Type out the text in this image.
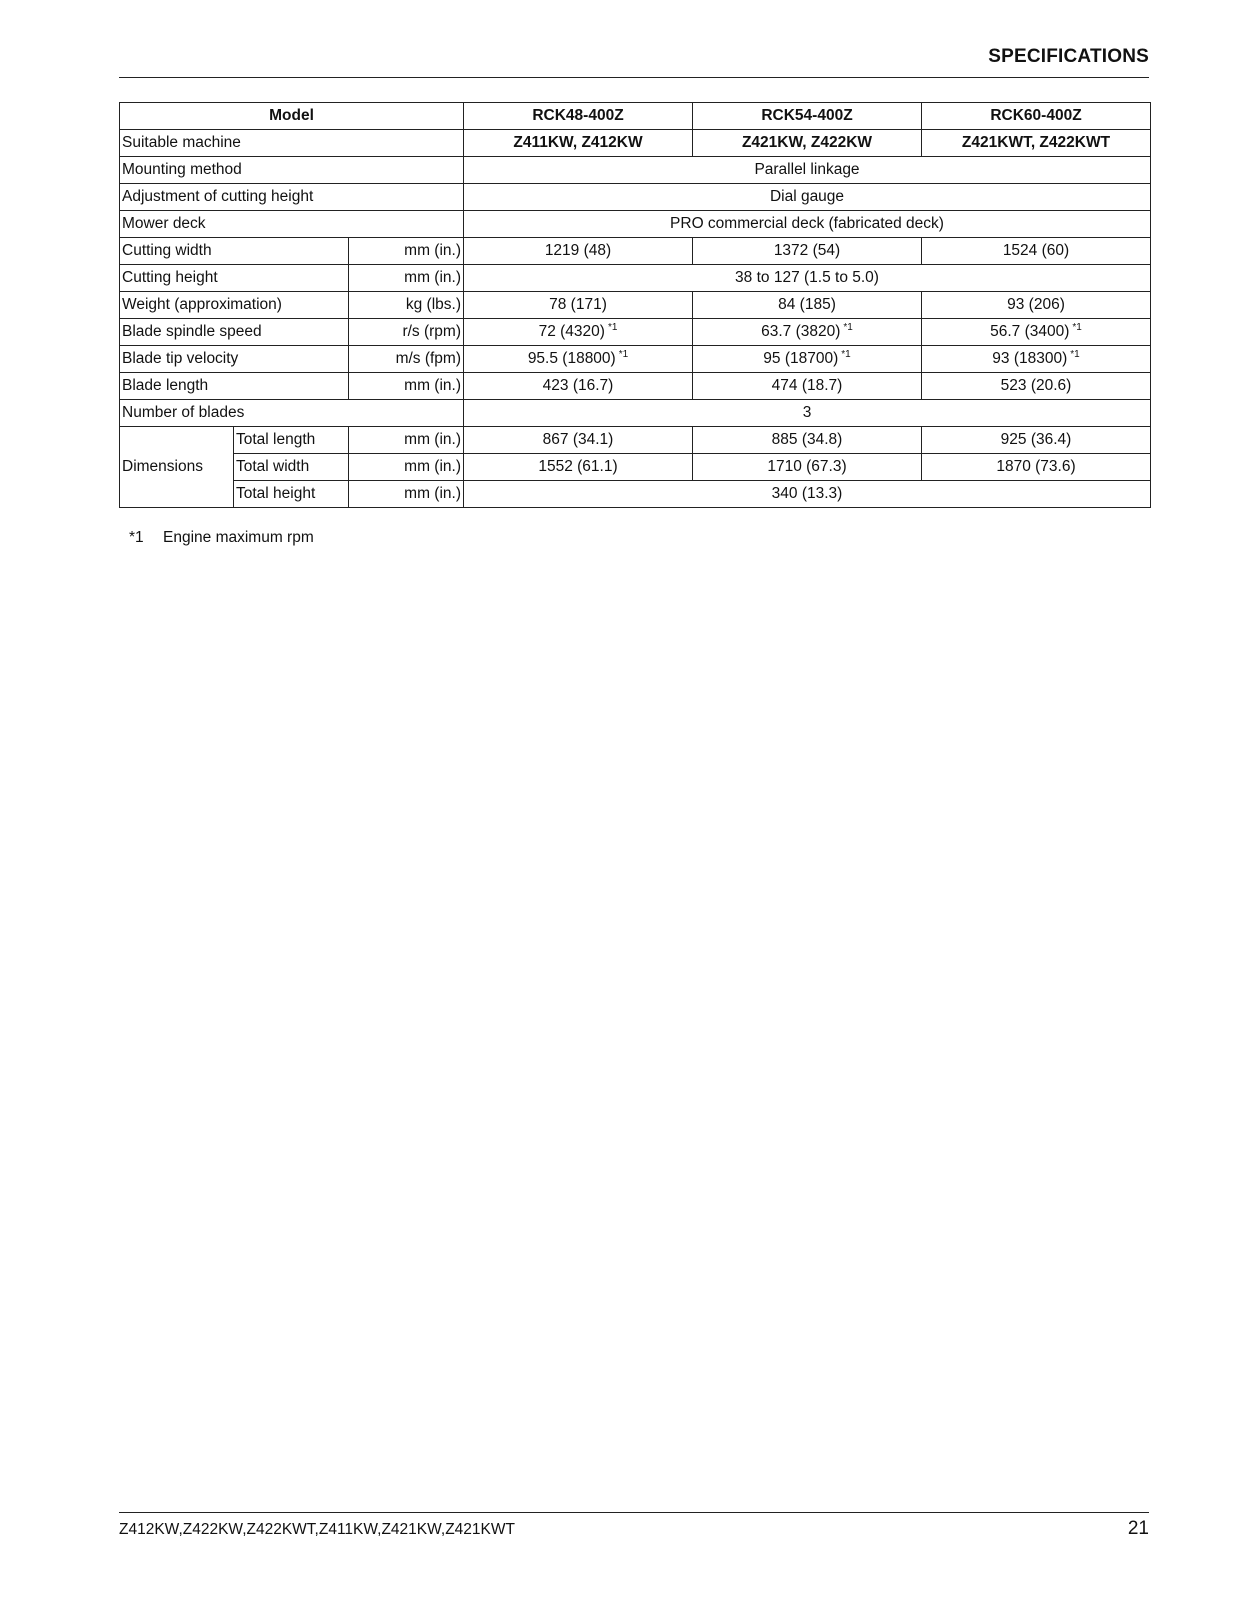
SPECIFICATIONS
Model			RCK48-400Z	RCK54-400Z	RCK60-400Z
Suitable machine			Z411KW, Z412KW	Z421KW, Z422KW	Z421KWT, Z422KWT
Mounting method			Parallel linkage		
Adjustment of cutting height			Dial gauge		
Mower deck			PRO commercial deck (fabricated deck)		
Cutting width		mm (in.)	1219 (48)	1372 (54)	1524 (60)
Cutting height		mm (in.)	38 to 127 (1.5 to 5.0)		
Weight (approximation)		kg (lbs.)	78 (171)	84 (185)	93 (206)
Blade spindle speed		r/s (rpm)	72 (4320) $^{*1}$	63.7 (3820) $^{*1}$	56.7 (3400) $^{*1}$
Blade tip velocity		m/s (fpm)	95.5 (18800) $^{*1}$	95 (18700) $^{*1}$	93 (18300) $^{*1}$
Blade length		mm (in.)	423 (16.7)	474 (18.7)	523 (20.6)
Number of blades			3		
Dimensions	Total length	mm (in.)	867 (34.1)	885 (34.8)	925 (36.4)
	Total width	mm (in.)	1552 (61.1)	1710 (67.3)	1870 (73.6)
	Total height	mm (in.)	340 (13.3)		
*1 Engine maximum rpm
Z412KW,Z422KW,Z422KWT,Z411KW,Z421KW,Z421KWT	21
